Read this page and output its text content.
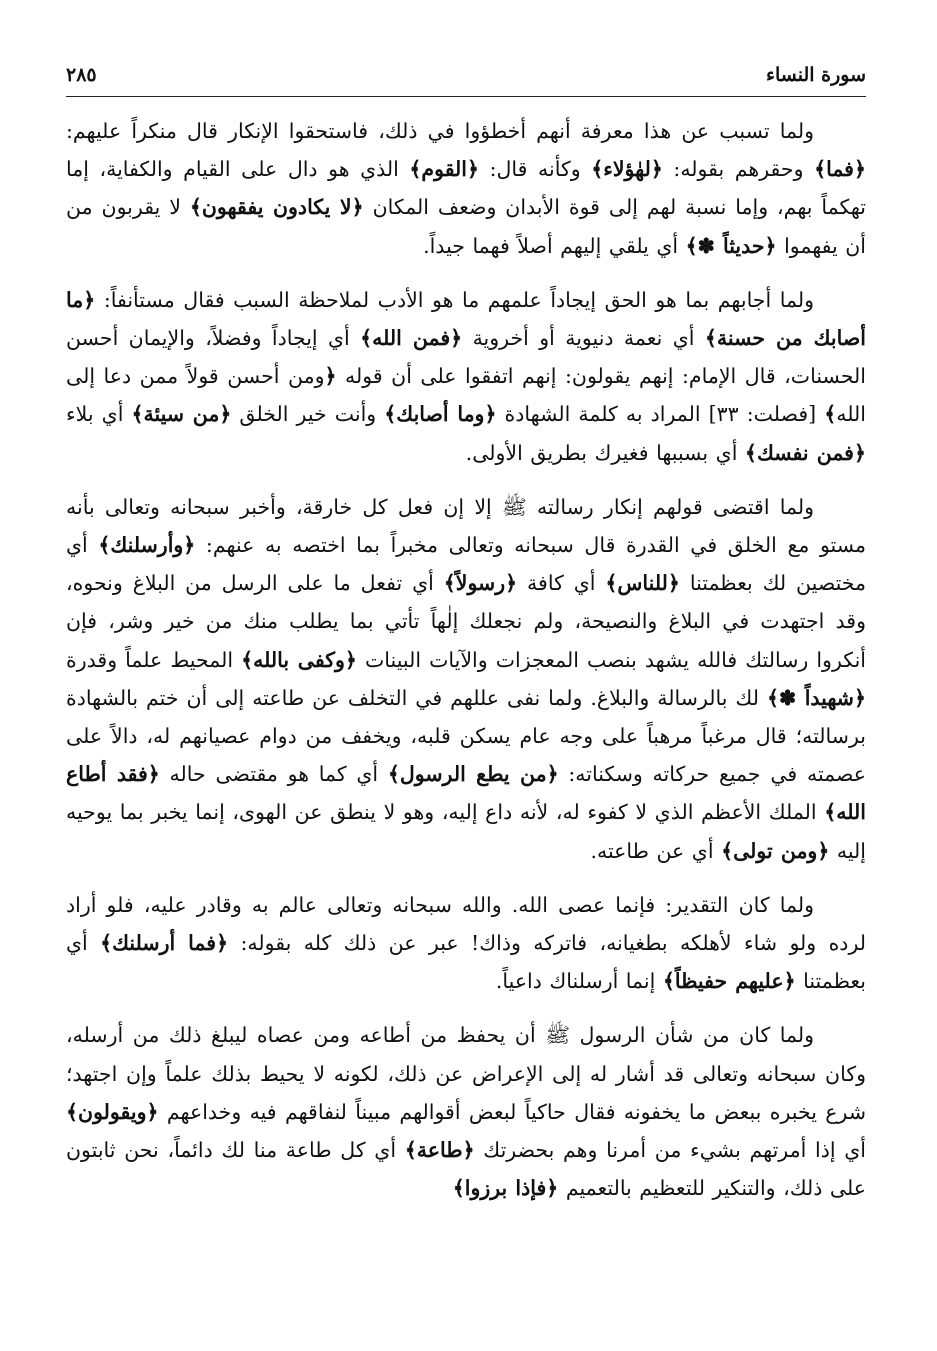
سورة النساء
٢٨٥

ولما تسبب عن هذا معرفة أنهم أخطؤوا في ذلك، فاستحقوا الإنكار قال منكراً عليهم: ﴿فما﴾ وحقرهم بقوله: ﴿لهٰؤلاء﴾ وكأنه قال: ﴿القوم﴾ الذي هو دال على القيام والكفاية، إما تهكماً بهم، وإما نسبة لهم إلى قوة الأبدان وضعف المكان ﴿لا يكادون يفقهون﴾ لا يقربون من أن يفهموا ﴿حديثاً ✽﴾ أي يلقي إليهم أصلاً فهما جيداً.

ولما أجابهم بما هو الحق إيجاداً علمهم ما هو الأدب لملاحظة السبب فقال مستأنفاً: ﴿ما أصابك من حسنة﴾ أي نعمة دنيوية أو أخروية ﴿فمن الله﴾ أي إيجاداً وفضلاً، والإيمان أحسن الحسنات، قال الإمام: إنهم يقولون: إنهم اتفقوا على أن قوله ﴿ومن أحسن قولاً ممن دعا إلى الله﴾ [فصلت: ٣٣] المراد به كلمة الشهادة ﴿وما أصابك﴾ وأنت خير الخلق ﴿من سيئة﴾ أي بلاء ﴿فمن نفسك﴾ أي بسببها فغيرك بطريق الأولى.

ولما اقتضى قولهم إنكار رسالته ﷺ إلا إن فعل كل خارقة، وأخبر سبحانه وتعالى بأنه مستو مع الخلق في القدرة قال سبحانه وتعالى مخبراً بما اختصه به عنهم: ﴿وأرسلنك﴾ أي مختصين لك بعظمتنا ﴿للناس﴾ أي كافة ﴿رسولاً﴾ أي تفعل ما على الرسل من البلاغ ونحوه، وقد اجتهدت في البلاغ والنصيحة، ولم نجعلك إلٰهاً تأتي بما يطلب منك من خير وشر، فإن أنكروا رسالتك فالله يشهد بنصب المعجزات والآيات البينات ﴿وكفى بالله﴾ المحيط علماً وقدرة ﴿شهيداً ✽﴾ لك بالرسالة والبلاغ. ولما نفى عللهم في التخلف عن طاعته إلى أن ختم بالشهادة برسالته؛ قال مرغباً مرهباً على وجه عام يسكن قلبه، ويخفف من دوام عصيانهم له، دالاً على عصمته في جميع حركاته وسكناته: ﴿من يطع الرسول﴾ أي كما هو مقتضى حاله ﴿فقد أطاع الله﴾ الملك الأعظم الذي لا كفوء له، لأنه داع إليه، وهو لا ينطق عن الهوى، إنما يخبر بما يوحيه إليه ﴿ومن تولى﴾ أي عن طاعته.

ولما كان التقدير: فإنما عصى الله. والله سبحانه وتعالى عالم به وقادر عليه، فلو أراد لرده ولو شاء لأهلكه بطغيانه، فاتركه وذاك! عبر عن ذلك كله بقوله: ﴿فما أرسلنك﴾ أي بعظمتنا ﴿عليهم حفيظاً﴾ إنما أرسلناك داعياً.

ولما كان من شأن الرسول ﷺ أن يحفظ من أطاعه ومن عصاه ليبلغ ذلك من أرسله، وكان سبحانه وتعالى قد أشار له إلى الإعراض عن ذلك، لكونه لا يحيط بذلك علماً وإن اجتهد؛ شرع يخبره ببعض ما يخفونه فقال حاكياً لبعض أقوالهم مبيناً لنفاقهم فيه وخداعهم ﴿ويقولون﴾ أي إذا أمرتهم بشيء من أمرنا وهم بحضرتك ﴿طاعة﴾ أي كل طاعة منا لك دائماً، نحن ثابتون على ذلك، والتنكير للتعظيم بالتعميم ﴿فإذا برزوا﴾
